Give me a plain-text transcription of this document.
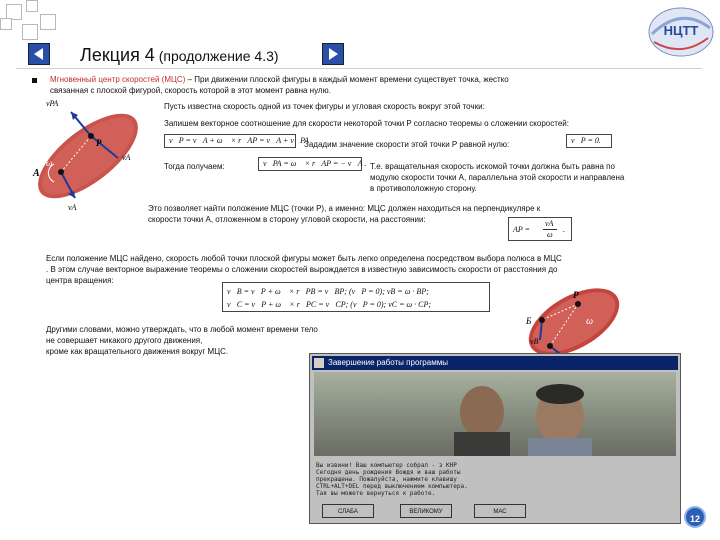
НЦТТ
Лекция 4 (продолжение 4.3)
Мгновенный центр скоростей (МЦС) – При движении плоской фигуры в каждый момент времени существует точка, жестко
связанная с плоской фигурой, скорость которой в этот момент равна нулю.
vPA
P
vA
A
ω
vA
Пусть известна скорость одной из точек фигуры и угловая скорость вокруг этой точки:
Запишем векторное соотношение для скорости некоторой точки P согласно теоремы о сложении скоростей:
v⃗P = v⃗A + ω⃗ × r⃗AP = v⃗A + v⃗PA
Зададим значение скорости этой точки P равной нулю:	v⃗P = 0.
Тогда получаем:	v⃗PA = ω⃗ × r⃗AP = − v⃗A . Т.е. вращательная скорость искомой точки должна быть равна по
модулю скорости точки А, параллельна этой скорости и направлена
в противоположную сторону.
Это позволяет найти положение МЦС (точки P), а именно: МЦС должен находиться на перпендикуляре к
скорости точки A, отложенном в сторону угловой скорости, на расстоянии:
AP =
vA
ω
.
Если положение МЦС найдено, скорость любой точки плоской фигуры может быть легко определена посредством выбора полюса в МЦС
. В этом случае векторное выражение теоремы о сложении скоростей вырождается в известную зависимость скорости от расстояния до
центра вращения:
v⃗B = v⃗P + ω⃗ × r⃗PB = v⃗BP; (v⃗P = 0); vB = ω · BP;
v⃗C = v⃗P + ω⃗ × r⃗PC = v⃗CP; (v⃗P = 0); vC = ω · CP;
Другими словами, можно утверждать, что в любой момент времени тело
не совершает никакого другого движения,
кроме как вращательного движения вокруг МЦС.
P
Б	ω
vB
Завершение работы программы
Вы извини! Ваш компьютер собрал - з КНР
Сегодня день рождения Вождя и ваш работы
прекращены. Пожалуйста, нажмите клавишу
CTRL+ALT+DEL перед выключением компьютера.
Тая вы можете вернуться к работе.
СЛАБА	ВЕЛИКОМУ	МАС
12
